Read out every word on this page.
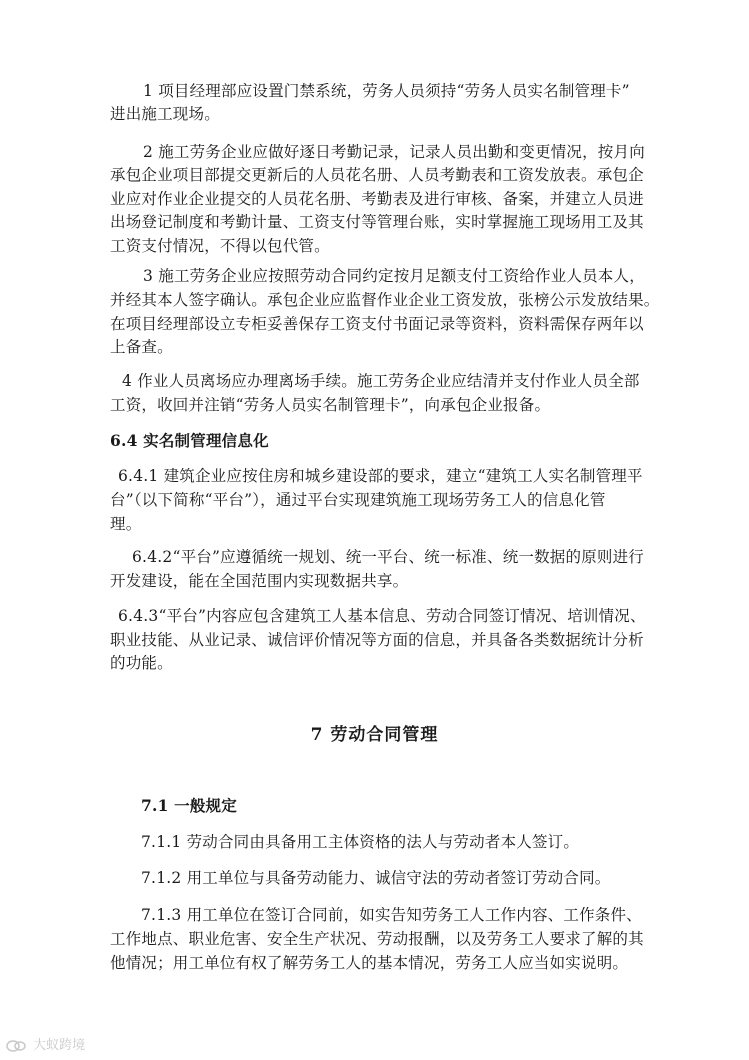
1 项目经理部应设置门禁系统，劳务人员须持“劳务人员实名制管理卡”
进出施工现场。
2 施工劳务企业应做好逐日考勤记录，记录人员出勤和变更情况，按月向
承包企业项目部提交更新后的人员花名册、人员考勤表和工资发放表。承包企
业应对作业企业提交的人员花名册、考勤表及进行审核、备案，并建立人员进
出场登记制度和考勤计量、工资支付等管理台账，实时掌握施工现场用工及其
工资支付情况，不得以包代管。
3 施工劳务企业应按照劳动合同约定按月足额支付工资给作业人员本人，
并经其本人签字确认。承包企业应监督作业企业工资发放，张榜公示发放结果。
在项目经理部设立专柜妥善保存工资支付书面记录等资料，资料需保存两年以
上备查。
4 作业人员离场应办理离场手续。施工劳务企业应结清并支付作业人员全部
工资，收回并注销“劳务人员实名制管理卡”，向承包企业报备。
6.4 实名制管理信息化
6.4.1 建筑企业应按住房和城乡建设部的要求，建立“建筑工人实名制管理平
台”（以下简称“平台”），通过平台实现建筑施工现场劳务工人的信息化管
理。
6.4.2“平台”应遵循统一规划、统一平台、统一标准、统一数据的原则进行
开发建设，能在全国范围内实现数据共享。
6.4.3“平台”内容应包含建筑工人基本信息、劳动合同签订情况、培训情况、
职业技能、从业记录、诚信评价情况等方面的信息，并具备各类数据统计分析
的功能。
7 劳动合同管理
7.1 一般规定
7.1.1 劳动合同由具备用工主体资格的法人与劳动者本人签订。
7.1.2 用工单位与具备劳动能力、诚信守法的劳动者签订劳动合同。
7.1.3 用工单位在签订合同前，如实告知劳务工人工作内容、工作条件、
工作地点、职业危害、安全生产状况、劳动报酬，以及劳务工人要求了解的其
他情况；用工单位有权了解劳务工人的基本情况，劳务工人应当如实说明。
大蚁跨境
